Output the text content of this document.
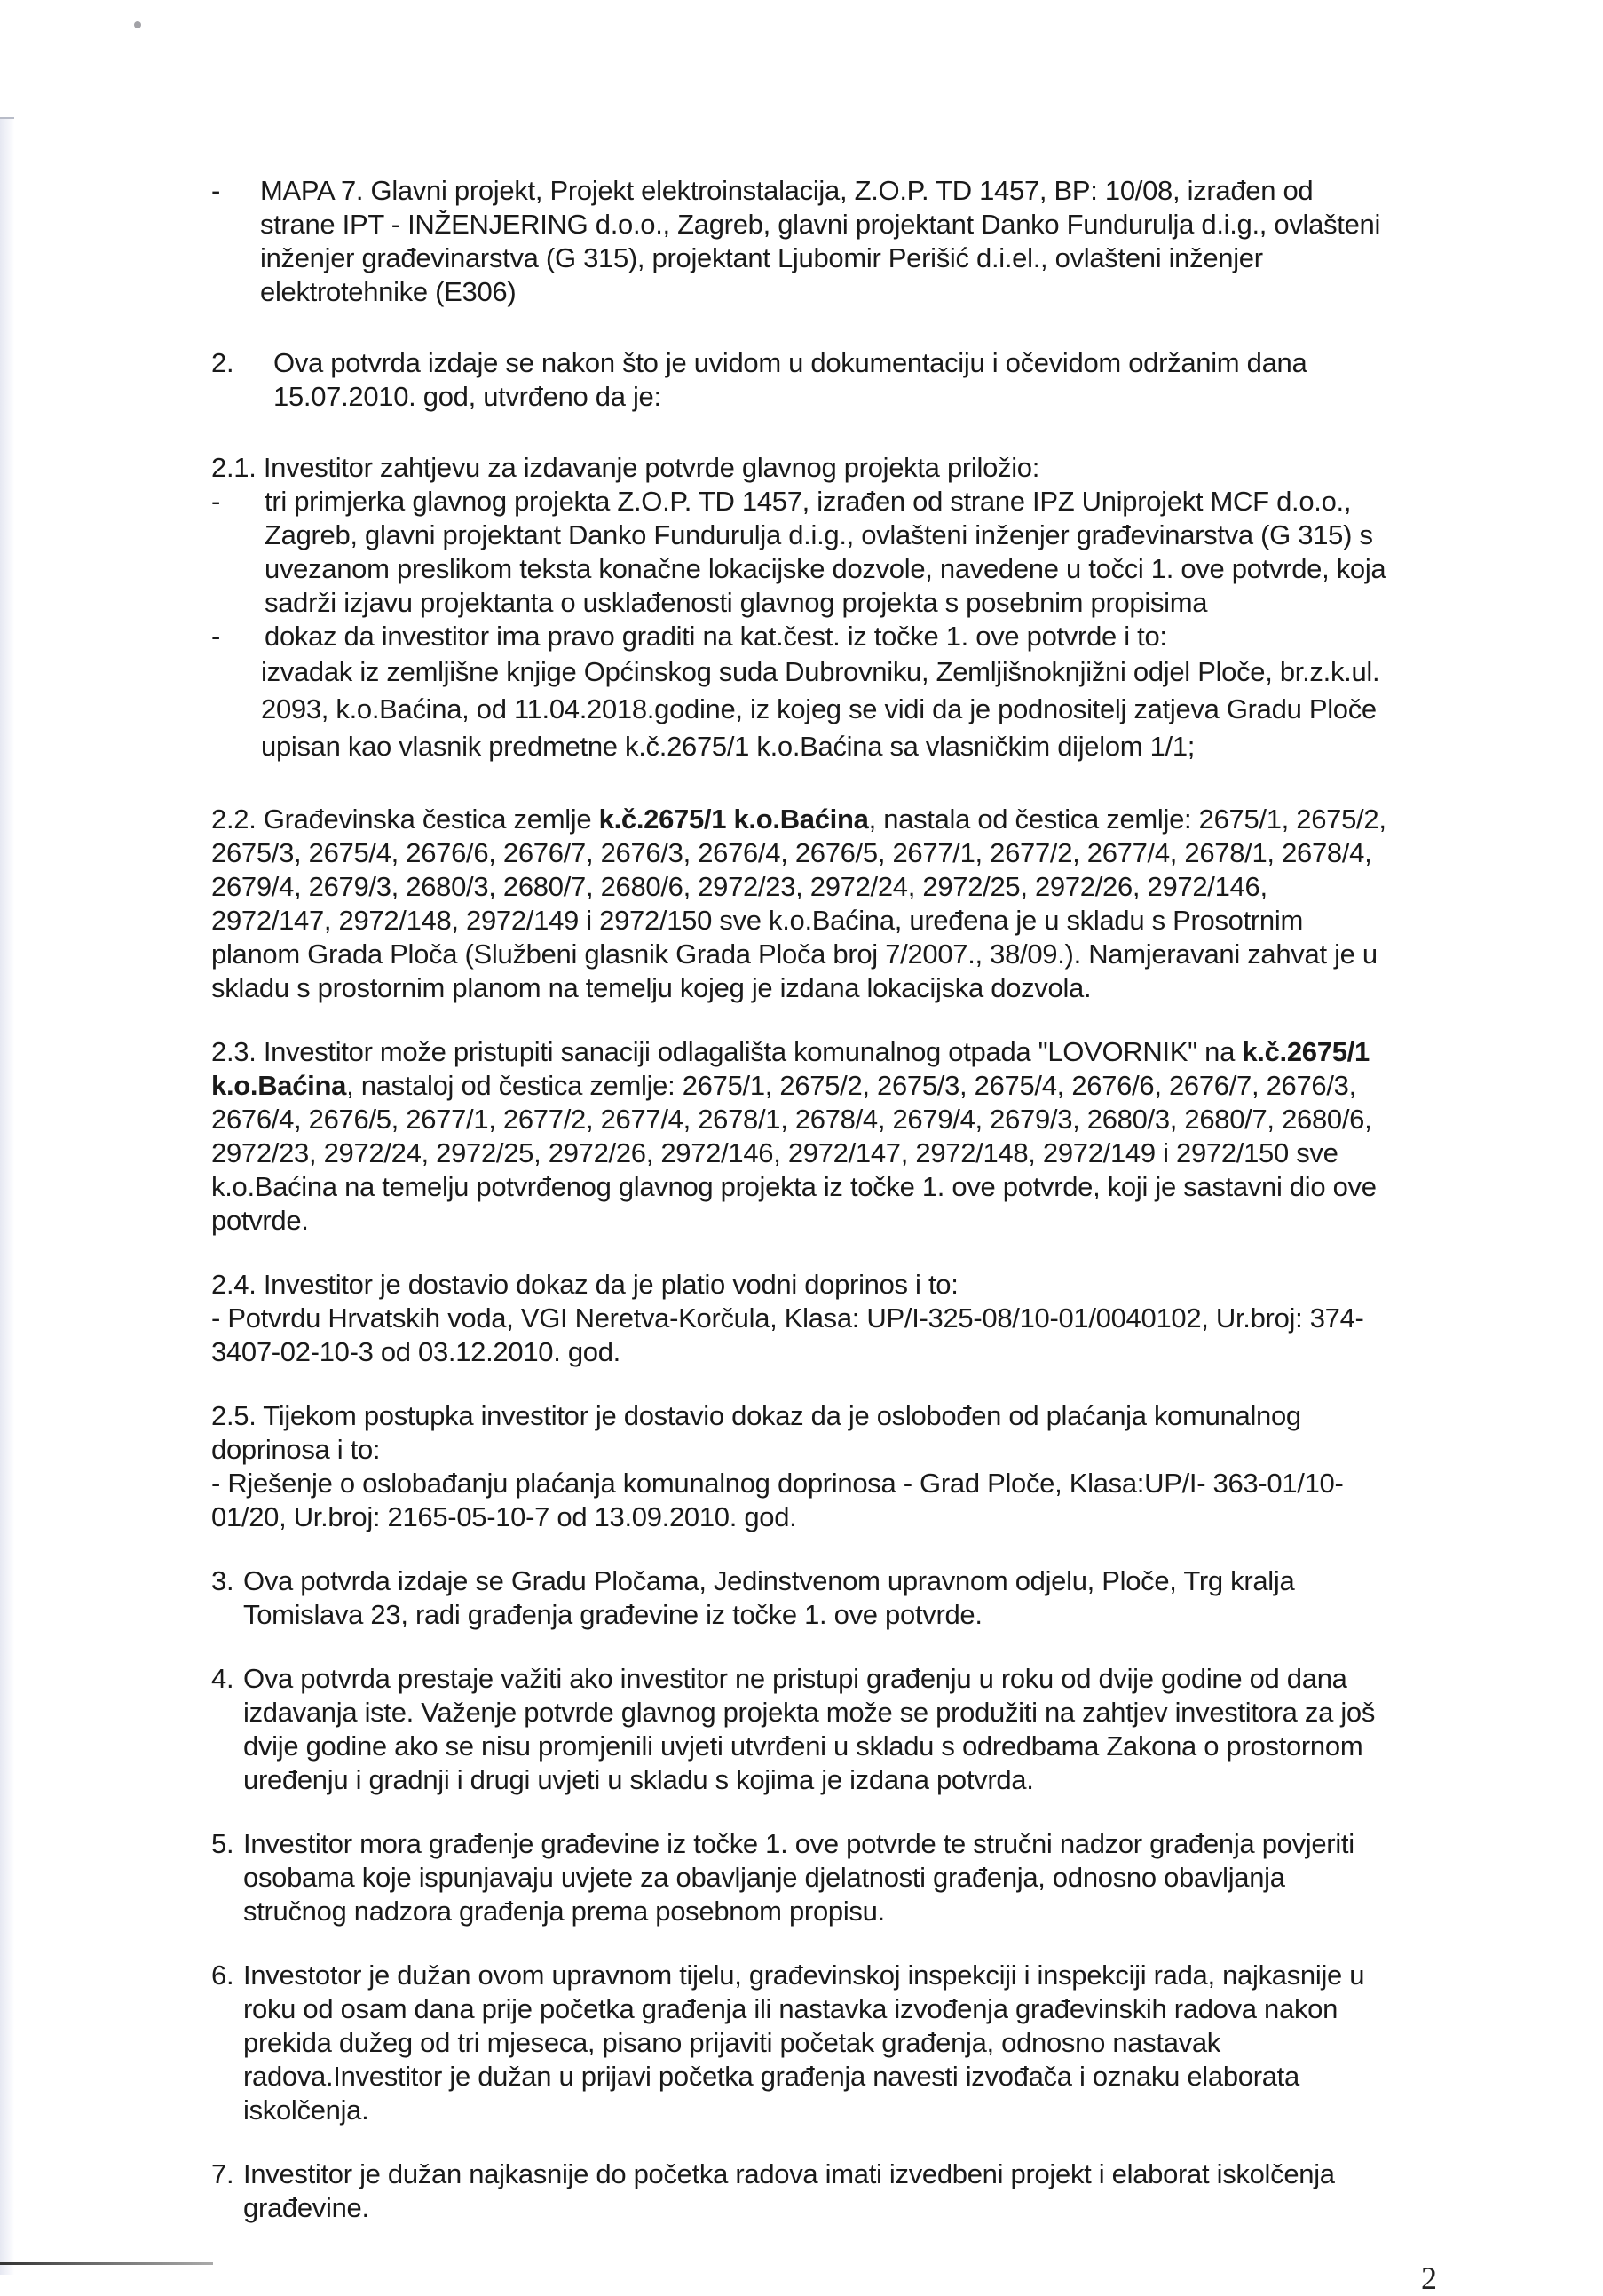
-	MAPA 7. Glavni projekt, Projekt elektroinstalacija, Z.O.P. TD 1457, BP: 10/08, izrađen od strane IPT - INŽENJERING d.o.o., Zagreb, glavni projektant Danko Fundurulja d.i.g., ovlašteni inženjer građevinarstva (G 315), projektant Ljubomir Perišić d.i.el., ovlašteni inženjer elektrotehnike (E306)

2.	Ova potvrda izdaje se nakon što je uvidom u dokumentaciju i očevidom održanim dana 15.07.2010. god, utvrđeno da je:

2.1. Investitor zahtjevu za izdavanje potvrde glavnog projekta priložio:

-	tri primjerka glavnog projekta Z.O.P. TD 1457, izrađen od strane IPZ Uniprojekt MCF d.o.o., Zagreb, glavni projektant Danko Fundurulja d.i.g., ovlašteni inženjer građevinarstva (G 315) s uvezanom preslikom teksta konačne lokacijske dozvole, navedene u točci 1. ove potvrde, koja sadrži izjavu projektanta o usklađenosti glavnog projekta s posebnim propisima

-	dokaz da investitor ima pravo graditi na kat.čest. iz točke 1. ove potvrde i to:

izvadak iz zemljišne knjige Općinskog suda Dubrovniku, Zemljišnoknjižni odjel Ploče, br.z.k.ul. 2093, k.o.Baćina, od 11.04.2018.godine, iz kojeg se vidi da je podnositelj zatjeva Gradu Ploče upisan kao vlasnik predmetne k.č.2675/1 k.o.Baćina sa vlasničkim dijelom 1/1;

2.2. Građevinska čestica zemlje k.č.2675/1 k.o.Baćina, nastala od čestica zemlje: 2675/1, 2675/2, 2675/3, 2675/4, 2676/6, 2676/7, 2676/3, 2676/4, 2676/5, 2677/1, 2677/2, 2677/4, 2678/1, 2678/4, 2679/4, 2679/3, 2680/3, 2680/7, 2680/6, 2972/23, 2972/24, 2972/25, 2972/26, 2972/146, 2972/147, 2972/148, 2972/149 i 2972/150 sve k.o.Baćina, uređena je u skladu s Prosotrnim planom Grada Ploča (Službeni glasnik Grada Ploča broj 7/2007., 38/09.). Namjeravani zahvat je u skladu s prostornim planom na temelju kojeg je izdana lokacijska dozvola.

2.3. Investitor može pristupiti sanaciji odlagališta komunalnog otpada "LOVORNIK" na k.č.2675/1 k.o.Baćina, nastaloj od čestica zemlje: 2675/1, 2675/2, 2675/3, 2675/4, 2676/6, 2676/7, 2676/3, 2676/4, 2676/5, 2677/1, 2677/2, 2677/4, 2678/1, 2678/4, 2679/4, 2679/3, 2680/3, 2680/7, 2680/6, 2972/23, 2972/24, 2972/25, 2972/26, 2972/146, 2972/147, 2972/148, 2972/149 i 2972/150 sve k.o.Baćina na temelju potvrđenog glavnog projekta iz točke 1. ove potvrde, koji je sastavni dio ove potvrde.

2.4. Investitor je dostavio dokaz da je platio vodni doprinos i to:

- Potvrdu Hrvatskih voda, VGI Neretva-Korčula, Klasa: UP/I-325-08/10-01/0040102, Ur.broj: 374-3407-02-10-3 od 03.12.2010. god.

2.5. Tijekom postupka investitor je dostavio dokaz da je oslobođen od plaćanja komunalnog doprinosa i to:

- Rješenje o oslobađanju plaćanja komunalnog doprinosa - Grad Ploče, Klasa:UP/I- 363-01/10-01/20, Ur.broj: 2165-05-10-7 od 13.09.2010. god.

3. Ova potvrda izdaje se Gradu Pločama, Jedinstvenom upravnom odjelu, Ploče, Trg kralja Tomislava 23, radi građenja građevine iz točke 1. ove potvrde.

4. Ova potvrda prestaje važiti ako investitor ne pristupi građenju u roku od dvije godine od dana izdavanja iste. Važenje potvrde glavnog projekta može se produžiti na zahtjev investitora za još dvije godine ako se nisu promjenili uvjeti utvrđeni u skladu s odredbama Zakona o prostornom uređenju i gradnji i drugi uvjeti u skladu s kojima je izdana potvrda.

5. Investitor mora građenje građevine iz točke 1. ove potvrde te stručni nadzor građenja povjeriti osobama koje ispunjavaju uvjete za obavljanje djelatnosti građenja, odnosno obavljanja stručnog nadzora građenja prema posebnom propisu.

6. Investotor je dužan ovom upravnom tijelu, građevinskoj inspekciji i inspekciji rada, najkasnije u roku od osam dana prije početka građenja ili nastavka izvođenja građevinskih radova nakon prekida dužeg od tri mjeseca, pisano prijaviti početak građenja, odnosno nastavak radova.Investitor je dužan u prijavi početka građenja navesti izvođača i oznaku elaborata iskolčenja.

7. Investitor je dužan najkasnije do početka radova imati izvedbeni projekt i elaborat iskolčenja građevine.

2
